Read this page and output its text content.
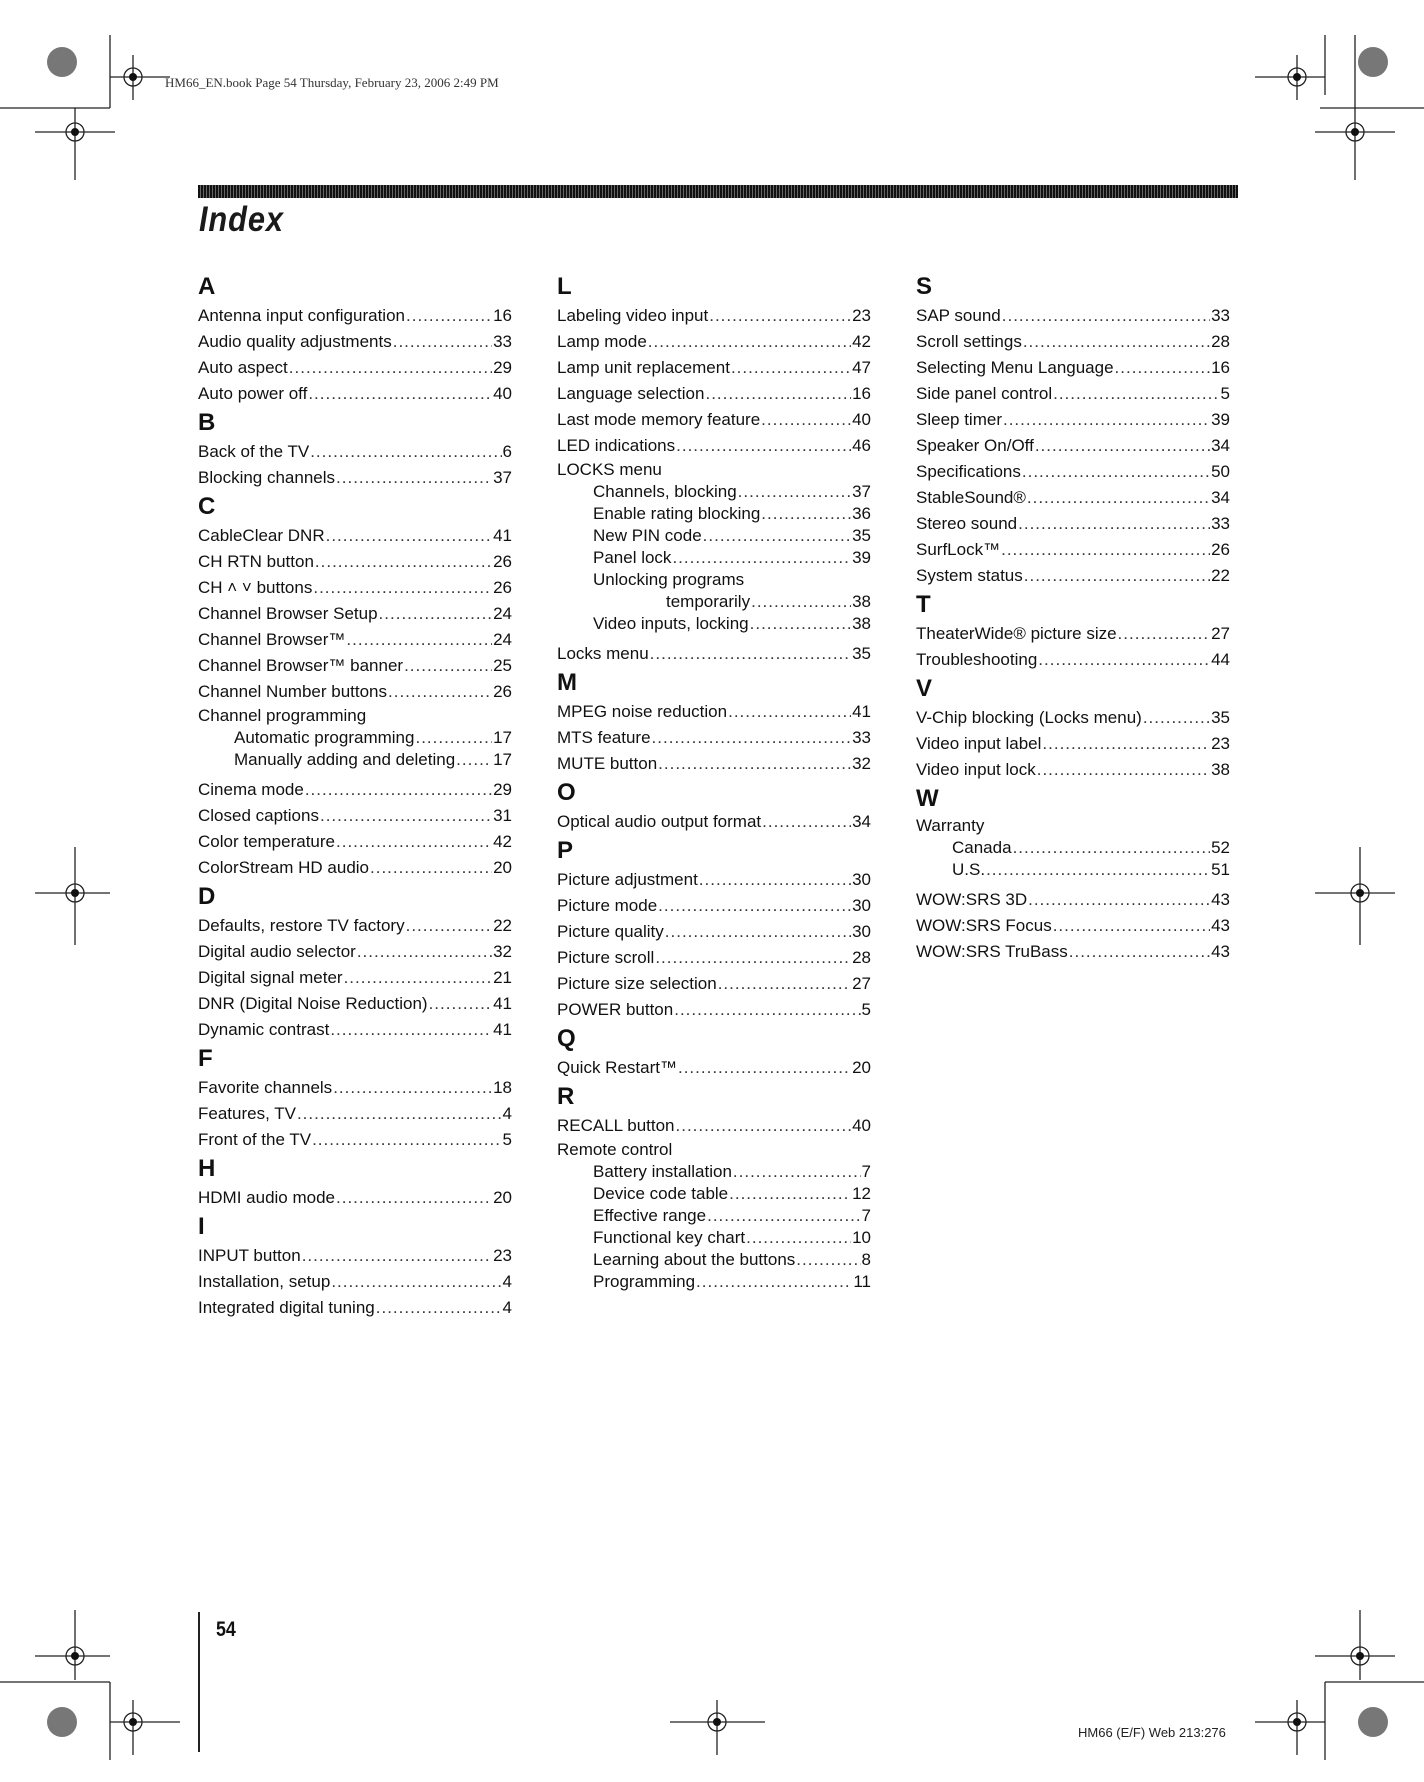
HM66_EN.book Page 54 Thursday, February 23, 2006 2:49 PM
Index
A
Antenna input configuration .....	16
Audio quality adjustments .....	33
Auto aspect .....	29
Auto power off .....	40
B
Back of the TV .....	6
Blocking channels .....	37
C
CableClear DNR .....	41
CH RTN button .....	26
CH ˄ ˅ buttons .....	26
Channel Browser Setup .....	24
Channel Browser™ .....	24
Channel Browser™ banner .....	25
Channel Number buttons .....	26
Channel programming
Automatic programming .....	17
Manually adding and deleting ..... 17
Cinema mode .....	29
Closed captions .....	31
Color temperature .....	42
ColorStream HD audio .....	20
D
Defaults, restore TV factory .....	22
Digital audio selector .....	32
Digital signal meter .....	21
DNR (Digital Noise Reduction) .....	41
Dynamic contrast .....	41
F
Favorite channels .....	18
Features, TV .....	4
Front of the TV .....	5
H
HDMI audio mode .....	20
I
INPUT button .....	23
Installation, setup .....	4
Integrated digital tuning .....	4
L
Labeling video input .....	23
Lamp mode .....	42
Lamp unit replacement .....	47
Language selection .....	16
Last mode memory feature .....	40
LED indications .....	46
LOCKS menu
Channels, blocking .....	37
Enable rating blocking .....	36
New PIN code .....	35
Panel lock .....	39
Unlocking programs
temporarily .....	38
Video inputs, locking .....	38
Locks menu .....	35
M
MPEG noise reduction .....	41
MTS feature .....	33
MUTE button .....	32
O
Optical audio output format .....	34
P
Picture adjustment .....	30
Picture mode .....	30
Picture quality .....	30
Picture scroll .....	28
Picture size selection .....	27
POWER button .....	5
Q
Quick Restart™ .....	20
R
RECALL button .....	40
Remote control
Battery installation .....	7
Device code table .....	12
Effective range .....	7
Functional key chart .....	10
Learning about the buttons .....	8
Programming .....	11
S
SAP sound .....	33
Scroll settings .....	28
Selecting Menu Language .....	16
Side panel control .....	5
Sleep timer .....	39
Speaker On/Off .....	34
Specifications .....	50
StableSound® .....	34
Stereo sound .....	33
SurfLock™ .....	26
System status .....	22
T
TheaterWide® picture size .....	27
Troubleshooting .....	44
V
V-Chip blocking (Locks menu) .....	35
Video input label .....	23
Video input lock .....	38
W
Warranty
Canada .....	52
U.S. .....	51
WOW:SRS 3D .....	43
WOW:SRS Focus .....	43
WOW:SRS TruBass .....	43
54
HM66 (E/F) Web 213:276
